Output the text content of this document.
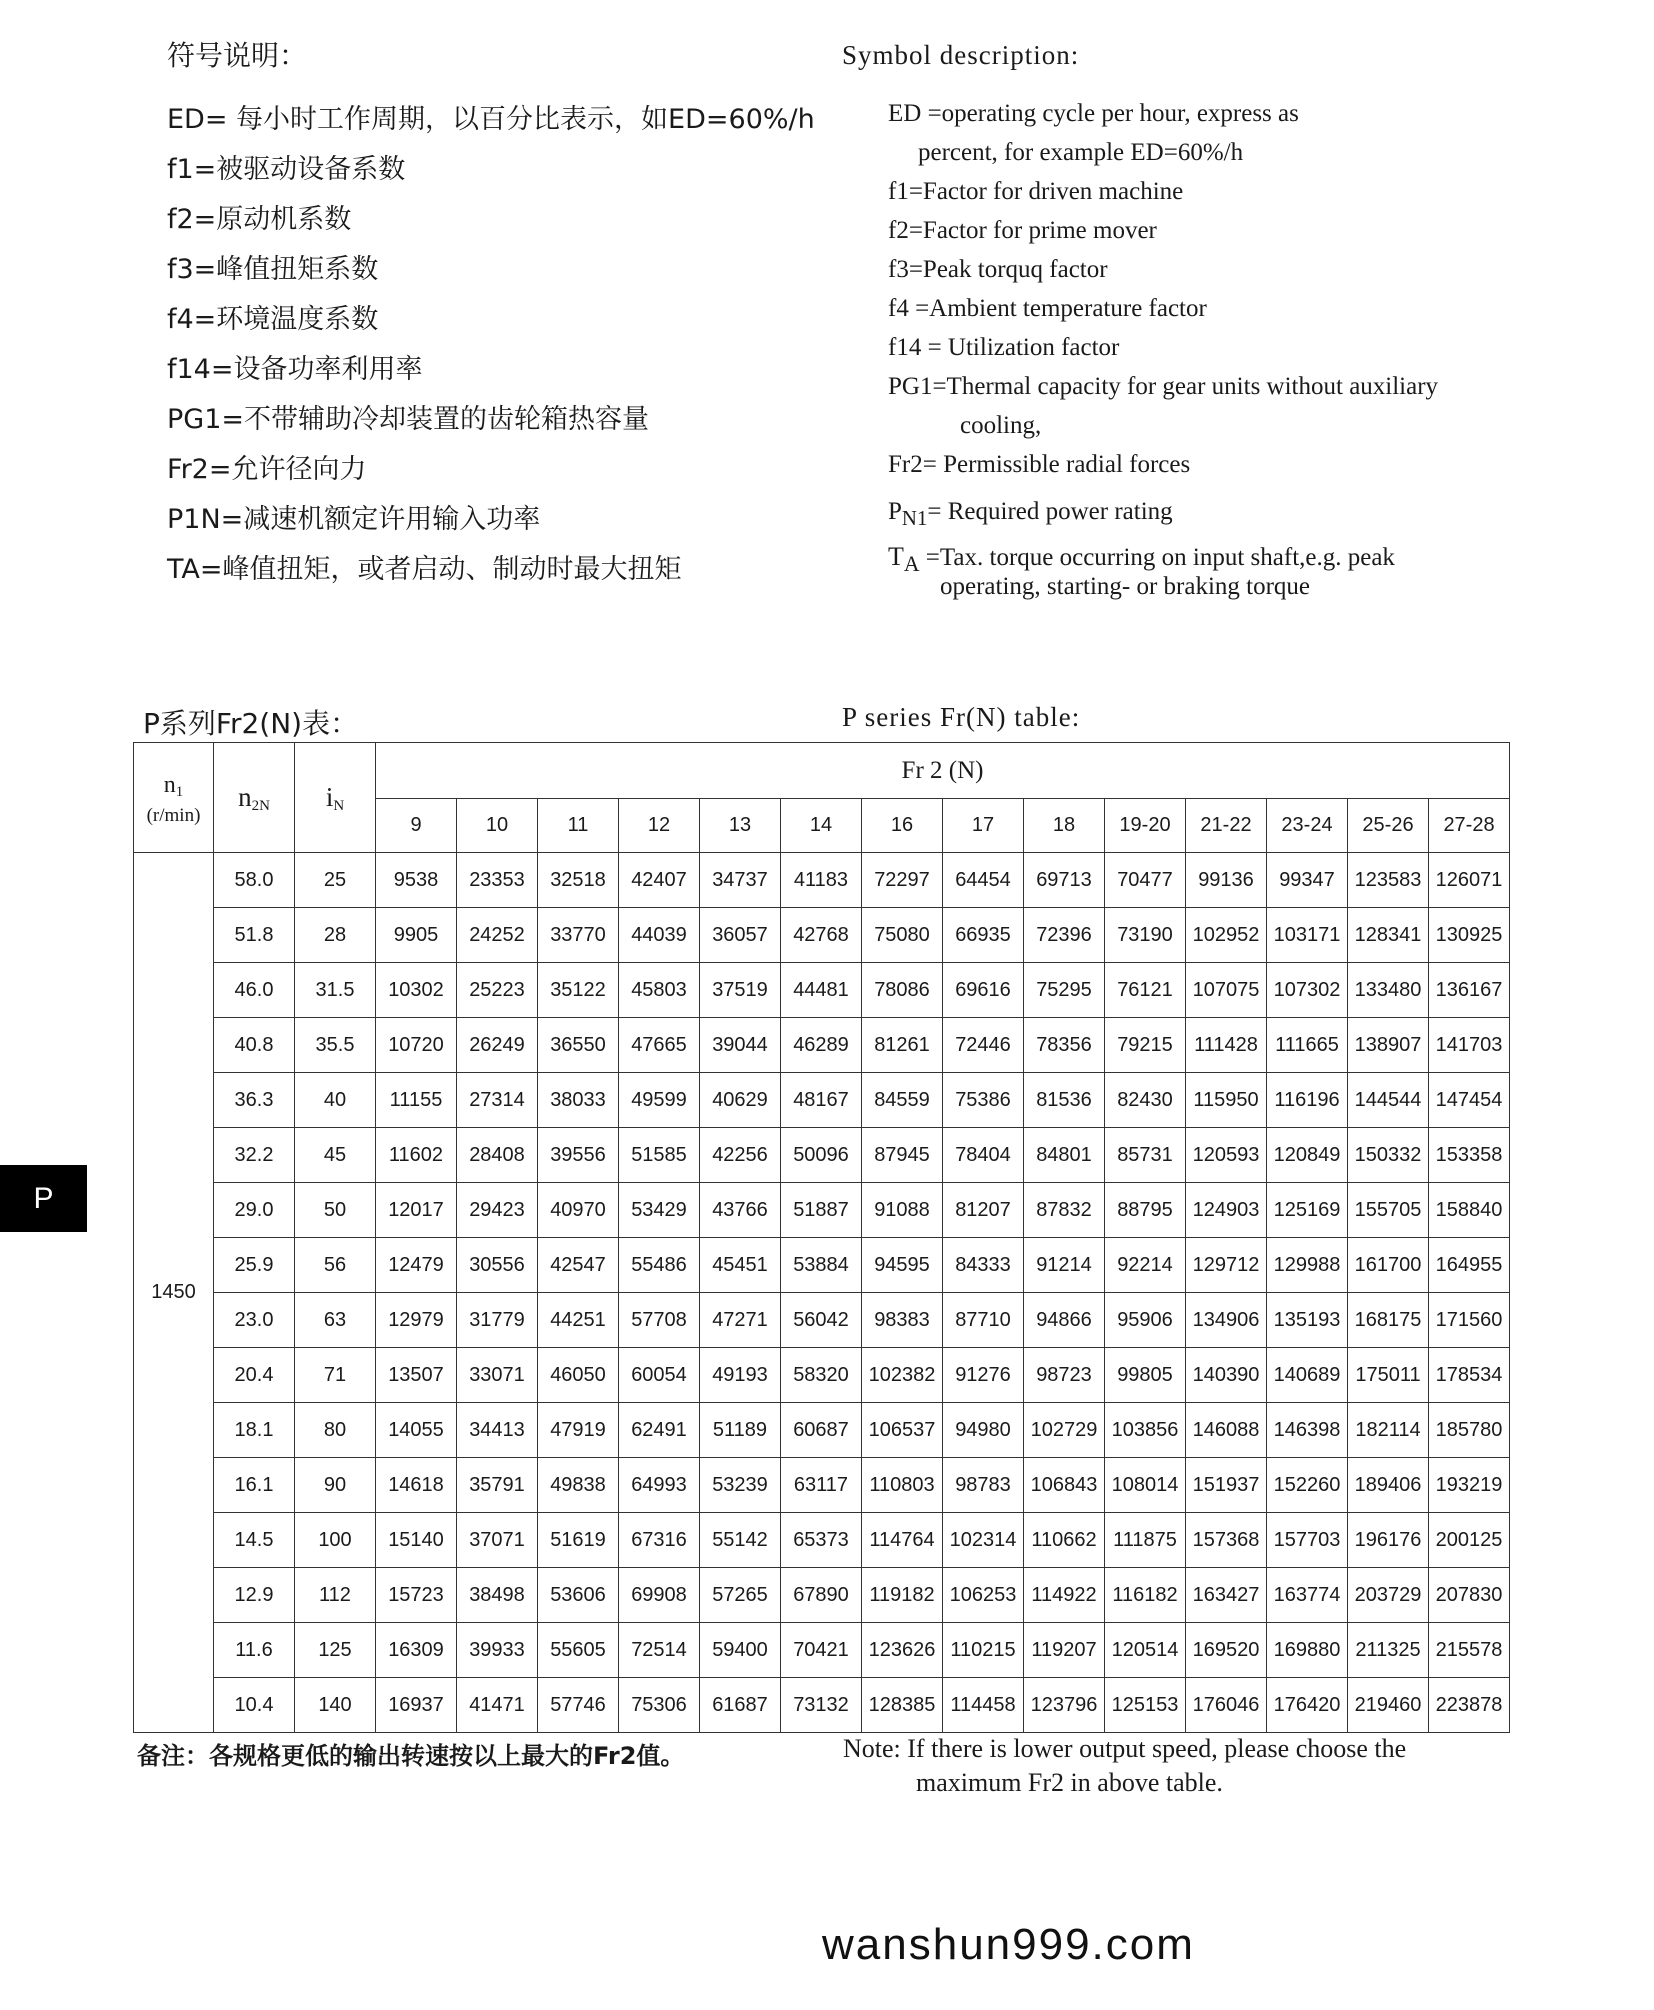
符号说明：	Symbol description:
ED= 每小时工作周期，以百分比表示，如ED=60%/h
f1=被驱动设备系数
f2=原动机系数
f3=峰值扭矩系数
f4=环境温度系数
f14=设备功率利用率
PG1=不带辅助冷却装置的齿轮箱热容量
Fr2=允许径向力
P1N=减速机额定许用输入功率
TA=峰值扭矩，或者启动、制动时最大扭矩
ED =operating cycle per hour, express as
percent, for example ED=60%/h
f1=Factor for driven machine
f2=Factor for prime mover
f3=Peak torquq factor
f4 =Ambient temperature factor
f14 = Utilization factor
PG1=Thermal capacity for gear units without auxiliary
cooling,
Fr2= Permissible radial forces
$P_{N1}=$ Required power rating
$T_A =Tax$. torque occurring on input shaft,e.g. peak
operating, starting- or braking torque
P系列Fr2(N)表：	P series Fr(N) table:
$n_1$
(r/min)	$n_{2N}$	$i_N$	Fr 2 (N)													
			9	10	11	12	13	14	16	17	18	19-20	21-22	23-24	25-26	27-28
1450	58.0	25	9538	23353	32518	42407	34737	41183	72297	64454	69713	70477	99136	99347	123583	126071
	51.8	28	9905	24252	33770	44039	36057	42768	75080	66935	72396	73190	102952	103171	128341	130925
	46.0	31.5	10302	25223	35122	45803	37519	44481	78086	69616	75295	76121	107075	107302	133480	136167
	40.8	35.5	10720	26249	36550	47665	39044	46289	81261	72446	78356	79215	111428	111665	138907	141703
	36.3	40	11155	27314	38033	49599	40629	48167	84559	75386	81536	82430	115950	116196	144544	147454
	32.2	45	11602	28408	39556	51585	42256	50096	87945	78404	84801	85731	120593	120849	150332	153358
	29.0	50	12017	29423	40970	53429	43766	51887	91088	81207	87832	88795	124903	125169	155705	158840
	25.9	56	12479	30556	42547	55486	45451	53884	94595	84333	91214	92214	129712	129988	161700	164955
	23.0	63	12979	31779	44251	57708	47271	56042	98383	87710	94866	95906	134906	135193	168175	171560
	20.4	71	13507	33071	46050	60054	49193	58320	102382	91276	98723	99805	140390	140689	175011	178534
	18.1	80	14055	34413	47919	62491	51189	60687	106537	94980	102729	103856	146088	146398	182114	185780
	16.1	90	14618	35791	49838	64993	53239	63117	110803	98783	106843	108014	151937	152260	189406	193219
	14.5	100	15140	37071	51619	67316	55142	65373	114764	102314	110662	111875	157368	157703	196176	200125
	12.9	112	15723	38498	53606	69908	57265	67890	119182	106253	114922	116182	163427	163774	203729	207830
	11.6	125	16309	39933	55605	72514	59400	70421	123626	110215	119207	120514	169520	169880	211325	215578
	10.4	140	16937	41471	57746	75306	61687	73132	128385	114458	123796	125153	176046	176420	219460	223878
备注：各规格更低的输出转速按以上最大的Fr2值。	Note: If there is lower output speed, please choose the
maximum Fr2 in above table.
P
wanshun999.com
